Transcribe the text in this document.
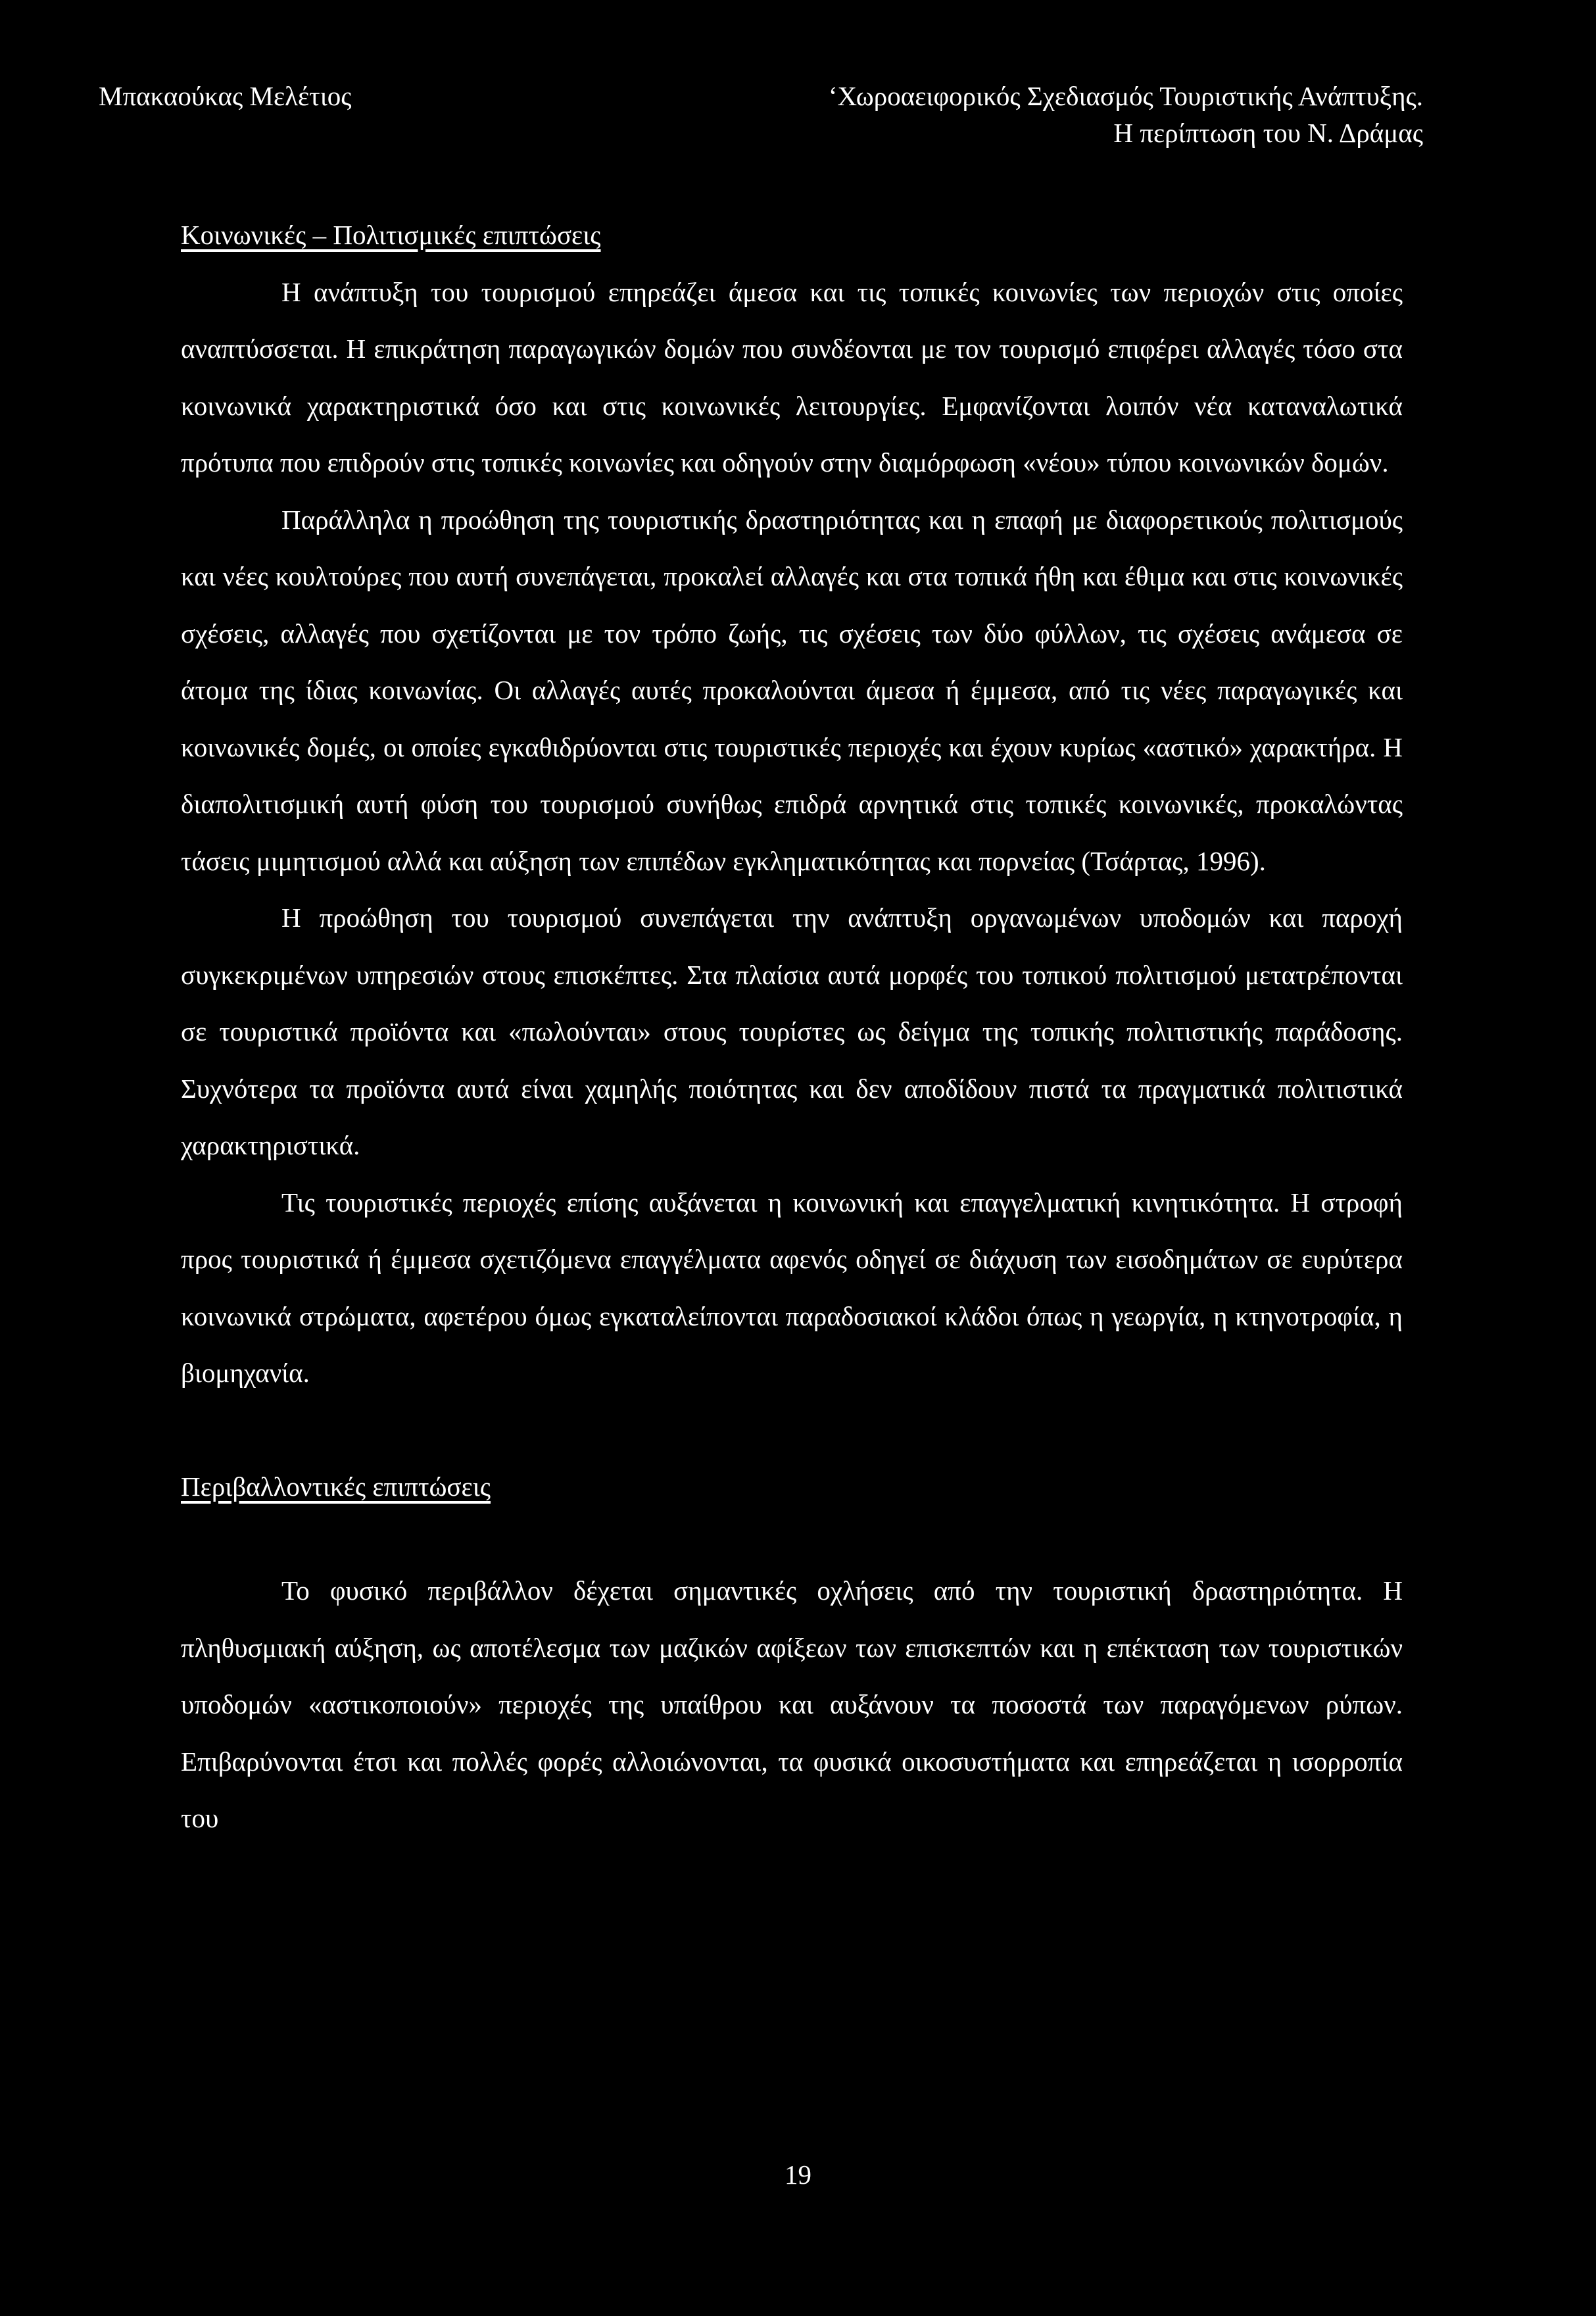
Μπακαούκας Μελέτιος	‘Χωροαειφορικός Σχεδιασμός Τουριστικής Ανάπτυξης.
Η περίπτωση του Ν. Δράμας
Κοινωνικές – Πολιτισμικές επιπτώσεις

Η ανάπτυξη του τουρισμού επηρεάζει άμεσα και τις τοπικές κοινωνίες των περιοχών στις οποίες αναπτύσσεται. Η επικράτηση παραγωγικών δομών που συνδέονται με τον τουρισμό επιφέρει αλλαγές τόσο στα κοινωνικά χαρακτηριστικά όσο και στις κοινωνικές λειτουργίες. Εμφανίζονται λοιπόν νέα καταναλωτικά πρότυπα που επιδρούν στις τοπικές κοινωνίες και οδηγούν στην διαμόρφωση «νέου» τύπου κοινωνικών δομών.

Παράλληλα η προώθηση της τουριστικής δραστηριότητας και η επαφή με διαφορετικούς πολιτισμούς και νέες κουλτούρες που αυτή συνεπάγεται, προκαλεί αλλαγές και στα τοπικά ήθη και έθιμα και στις κοινωνικές σχέσεις, αλλαγές που σχετίζονται με τον τρόπο ζωής, τις σχέσεις των δύο φύλλων, τις σχέσεις ανάμεσα σε άτομα της ίδιας κοινωνίας. Οι αλλαγές αυτές προκαλούνται άμεσα ή έμμεσα, από τις νέες παραγωγικές και κοινωνικές δομές, οι οποίες εγκαθιδρύονται στις τουριστικές περιοχές και έχουν κυρίως «αστικό» χαρακτήρα. Η διαπολιτισμική αυτή φύση του τουρισμού συνήθως επιδρά αρνητικά στις τοπικές κοινωνικές, προκαλώντας τάσεις μιμητισμού αλλά και αύξηση των επιπέδων εγκληματικότητας και πορνείας (Τσάρτας, 1996).

Η προώθηση του τουρισμού συνεπάγεται την ανάπτυξη οργανωμένων υποδομών και παροχή συγκεκριμένων υπηρεσιών στους επισκέπτες. Στα πλαίσια αυτά μορφές του τοπικού πολιτισμού μετατρέπονται σε τουριστικά προϊόντα και «πωλούνται» στους τουρίστες ως δείγμα της τοπικής πολιτιστικής παράδοσης. Συχνότερα τα προϊόντα αυτά είναι χαμηλής ποιότητας και δεν αποδίδουν πιστά τα πραγματικά πολιτιστικά χαρακτηριστικά.

Τις τουριστικές περιοχές επίσης αυξάνεται η κοινωνική και επαγγελματική κινητικότητα. Η στροφή προς τουριστικά ή έμμεσα σχετιζόμενα επαγγέλματα αφενός οδηγεί σε διάχυση των εισοδημάτων σε ευρύτερα κοινωνικά στρώματα, αφετέρου όμως εγκαταλείπονται παραδοσιακοί κλάδοι όπως η γεωργία, η κτηνοτροφία, η βιομηχανία.

Περιβαλλοντικές επιπτώσεις

Το φυσικό περιβάλλον δέχεται σημαντικές οχλήσεις από την τουριστική δραστηριότητα. Η πληθυσμιακή αύξηση, ως αποτέλεσμα των μαζικών αφίξεων των επισκεπτών και η επέκταση των τουριστικών υποδομών «αστικοποιούν» περιοχές της υπαίθρου και αυξάνουν τα ποσοστά των παραγόμενων ρύπων. Επιβαρύνονται έτσι και πολλές φορές αλλοιώνονται, τα φυσικά οικοσυστήματα και επηρεάζεται η ισορροπία του

19
